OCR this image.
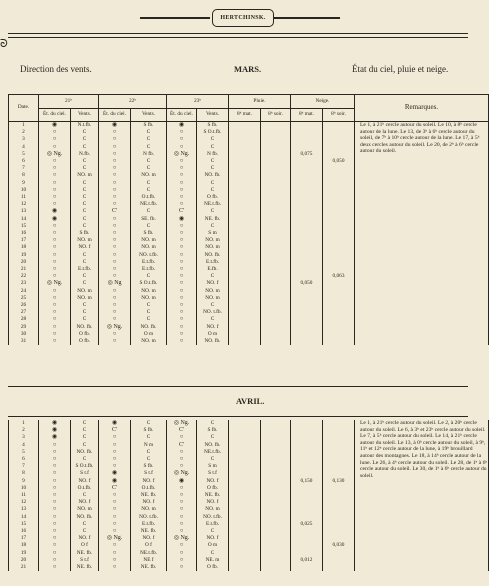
HERTCHINSK.
ᘐ
Direction des vents.	MARS.	État du ciel, pluie et neige.
Date.	21ʰ		22ʰ		23ʰ		Pluie.		Neige.		Remarques.
	Ét. du ciel.	Vents.	Ét. du ciel.	Vents.	Ét. du ciel.	Vents.	8ʰ mat.	8ʰ soir.	8ʰ mat.	8ʰ soir.	
1	◉	N.t.fb.	◉	S fb.	◉	S fb.					Le 1, à 21ʰ cercle autour du soleil. Le 10, à 8ʰ cercle autour de la lune. Le 13, de 3ʰ à 6ʰ cercle autour du soleil, de 7ʰ à 10ʰ cercle autour de la lune. Le 17, à 5ʰ deux cercles autour du soleil. Le 20, de 2ʰ à 6ʰ cercle autour du soleil.
2	○	C	○	C	○	S O.t.fb.					
3	○	C	○	C	○	C					
4	○	C	○	C	○	C					
5	◎ Ng.	N.fb.	○	N fb.	◎ Ng.	N fb.			0,075		
6	○	C	○	C	○	C				0,050	
7	○	C	○	C	○	C					
8	○	NO. m	○	NO. m	○	NO. fb.					
9	○	C	○	C	○	C					
10	○	C	○	C	○	C					
11	○	C	○	O.t.fb.	○	O fb.					
12	○	C	○	NE.t.fb.	○	NE.t.fb.					
13	◉	C	C'	C	C'	C					
14	◉	C	○	SE. fb.	◉	NE. fb.					
15	○	C	○	C	○	C					
16	○	S fb.	○	S fb.	○	S m					
17	○	NO. m	○	NO. m	○	NO. m					
18	○	NO. f	○	NO. m	○	NO. m					
19	○	C	○	NO. t.fb.	○	NO. fb.					
20	○	C	○	E.t.fb.	○	E.t.fb.					
21	○	E.t.fb.	○	E.t.fb.	○	E.fb.					
22	○	C	○	C	○	C				0,063	
23	◎ Ng.	C	◎ Ng	S O.t.fb.	○	NO. f			0,050		
24	○	NO. m	○	NO. m	○	NO. m					
25	○	NO. m	○	NO. m	○	NO. m					
26	○	C	○	C	○	C					
27	○	C	○	C	○	NO. t.fb.					
28	○	C	○	C	○	C					
29	○	NO. fb.	◎ Ng.	NO. fb.	○	NO. f					
30	○	O fb.	○	O m	○	O m					
31	○	O fb.	○	NO. m	○	NO. fb.					
AVRIL.
1	◉	C	◉	C	◎ Ng.	C					Le 1, à 21ʰ cercle autour du soleil. Le 2, à 20ʰ cercle autour du soleil. Le 6, à 3ʰ et 23ʰ cercle autour du soleil. Le 7, à 5ʰ cercle autour du soleil. Le 14, à 21ʰ cercle autour du soleil. Le 13, à 0ʰ cercle autour du soleil, à 9ʰ, 11ʰ et 12ʰ cercle autour de la lune, à 19ʰ brouillard autour des montagnes. Le 18, à 14ʰ cercle autour de la lune. Le 26, à 4ʰ cercle autour du soleil. Le 28, de 1ʰ à 6ʰ cercle autour du soleil. Le 30, de 1ʰ à 6ʰ cercle autour du soleil.
2	◉	C	C'	S fb.	C'	S fb.					
3	◉	C	○	C	○	C					
4	○	C	○	N m	C'	NO. fb.					
5	○	NO. fb.	○	C	○	NE.t.fb.					
6	○	C	○	C	○	C					
7	○	S O.t.fb.	○	S fb.	○	S m					
8	○	S t.f	◉	S t.f	◎ Ng.	S t.f					
9	○	NO. f	◉	NO. f	◉	NO. f			0,150	0,130	
10	○	O.t.fb.	C'	O.t.fb.	○	O fb.					
11	○	C	○	NE. fb.	○	NE. fb.					
12	○	NO. f	○	NO. f	○	NO. f					
13	○	NO. m	○	NO. m	○	NO. m					
14	○	NO. fb.	○	NO. t.fb.	○	NO. t.fb.					
15	○	C	○	E.t.fb.	○	E.t.fb.			0,025		
16	○	C	○	NE. fb.	○	C					
17	○	NO. f	◎ Ng.	NO. f	◎ Ng.	NO. f					
18	○	O f	○	O f	○	O m				0,030	
19	○	NE. fb.	○	NE.t.fb.	○	C					
20	○	S t.f	○	NE f	○	NE. m			0,012		
21	○	NE. fb.	○	NE. fb.	○	O fb.					
